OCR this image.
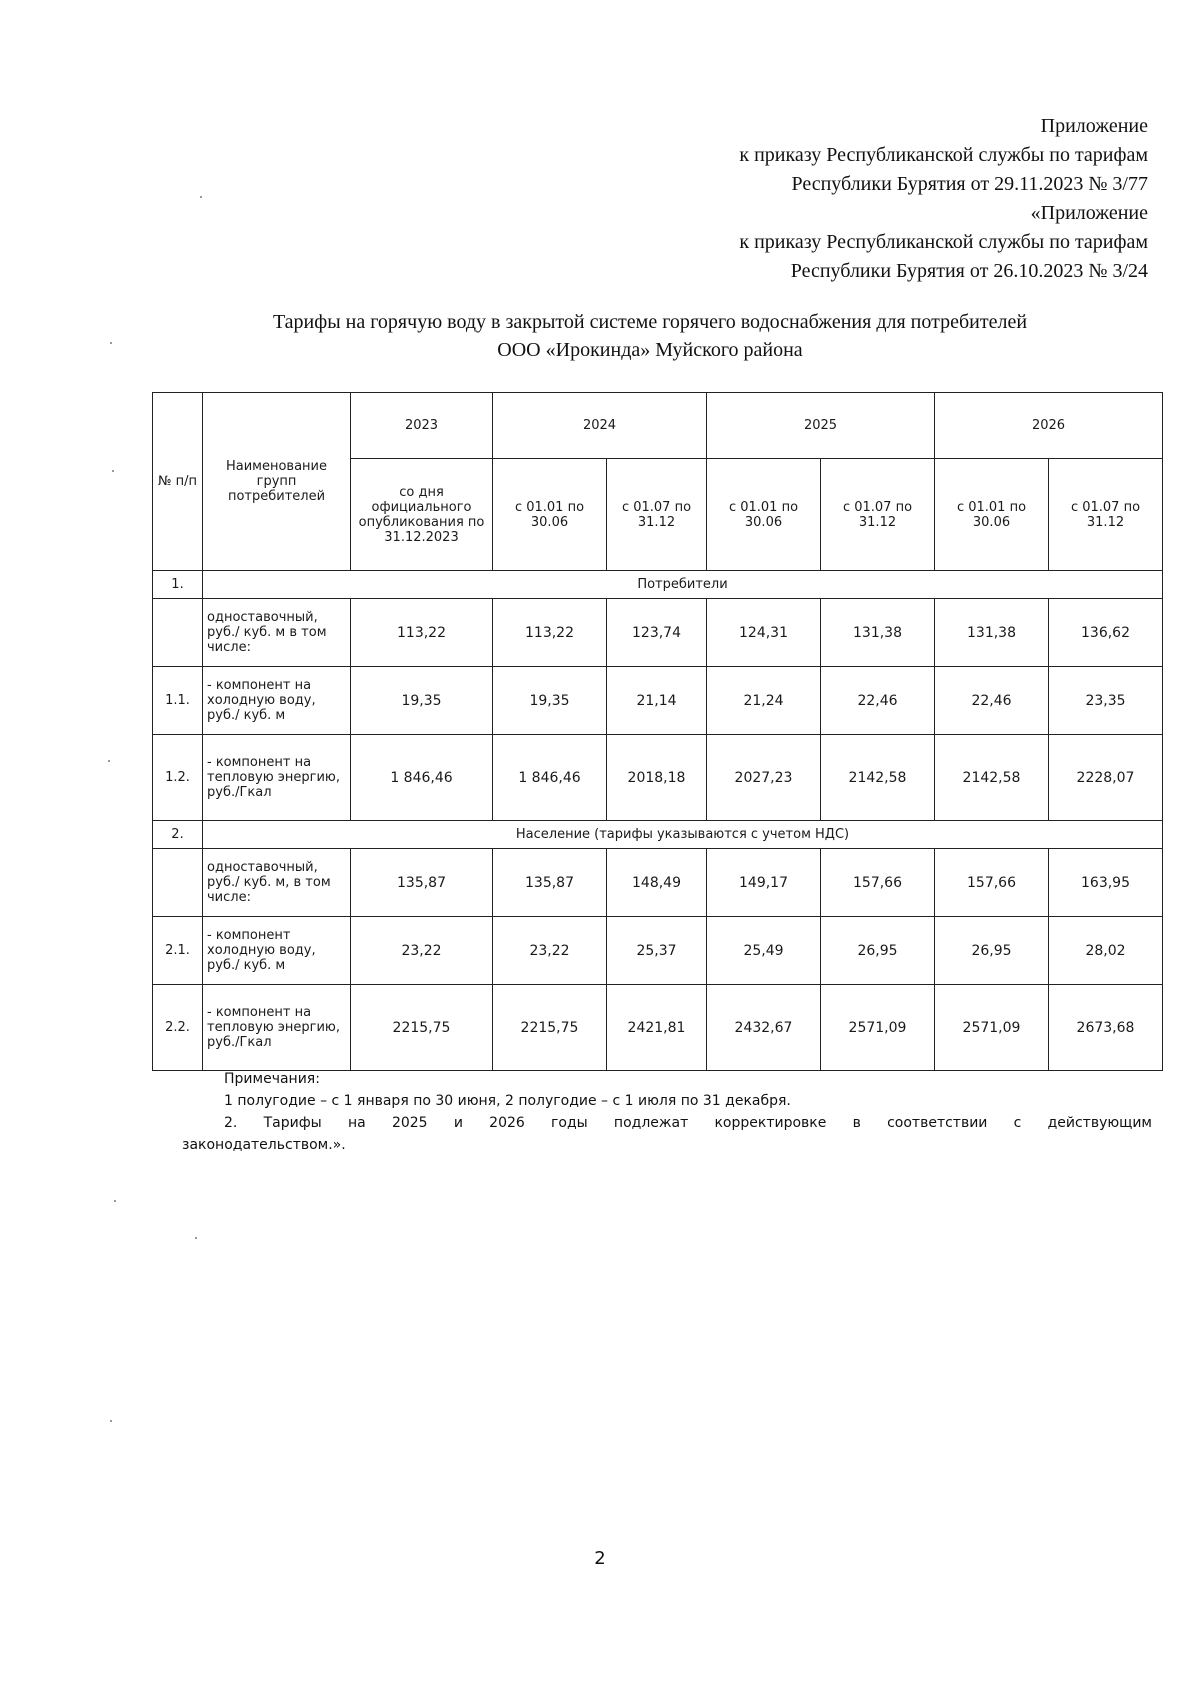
Приложение
к приказу Республиканской службы по тарифам
Республики Бурятия от 29.11.2023 № 3/77
«Приложение
к приказу Республиканской службы по тарифам
Республики Бурятия от 26.10.2023 № 3/24
Тарифы на горячую воду в закрытой системе горячего водоснабжения для потребителей
ООО «Ирокинда» Муйского района
№ п/п	Наименование групп потребителей	2023	2024		2025		2026	
		со дня официального опубликования по 31.12.2023	с 01.01 по 30.06	с 01.07 по 31.12	с 01.01 по 30.06	с 01.07 по 31.12	с 01.01 по 30.06	с 01.07 по 31.12
1.	Потребители							
	одноставочный, руб./ куб. м в том числе:	113,22	113,22	123,74	124,31	131,38	131,38	136,62
1.1.	- компонент на холодную воду, руб./ куб. м	19,35	19,35	21,14	21,24	22,46	22,46	23,35
1.2.	- компонент на тепловую энергию, руб./Гкал	1 846,46	1 846,46	2018,18	2027,23	2142,58	2142,58	2228,07
2.	Население (тарифы указываются с учетом НДС)							
	одноставочный, руб./ куб. м, в том числе:	135,87	135,87	148,49	149,17	157,66	157,66	163,95
2.1.	- компонент холодную воду, руб./ куб. м	23,22	23,22	25,37	25,49	26,95	26,95	28,02
2.2.	- компонент на тепловую энергию, руб./Гкал	2215,75	2215,75	2421,81	2432,67	2571,09	2571,09	2673,68
Примечания:
1 полугодие – с 1 января по 30 июня, 2 полугодие – с 1 июля по 31 декабря.
2. Тарифы на 2025 и 2026 годы подлежат корректировке в соответствии с действующим
законодательством.».
2
